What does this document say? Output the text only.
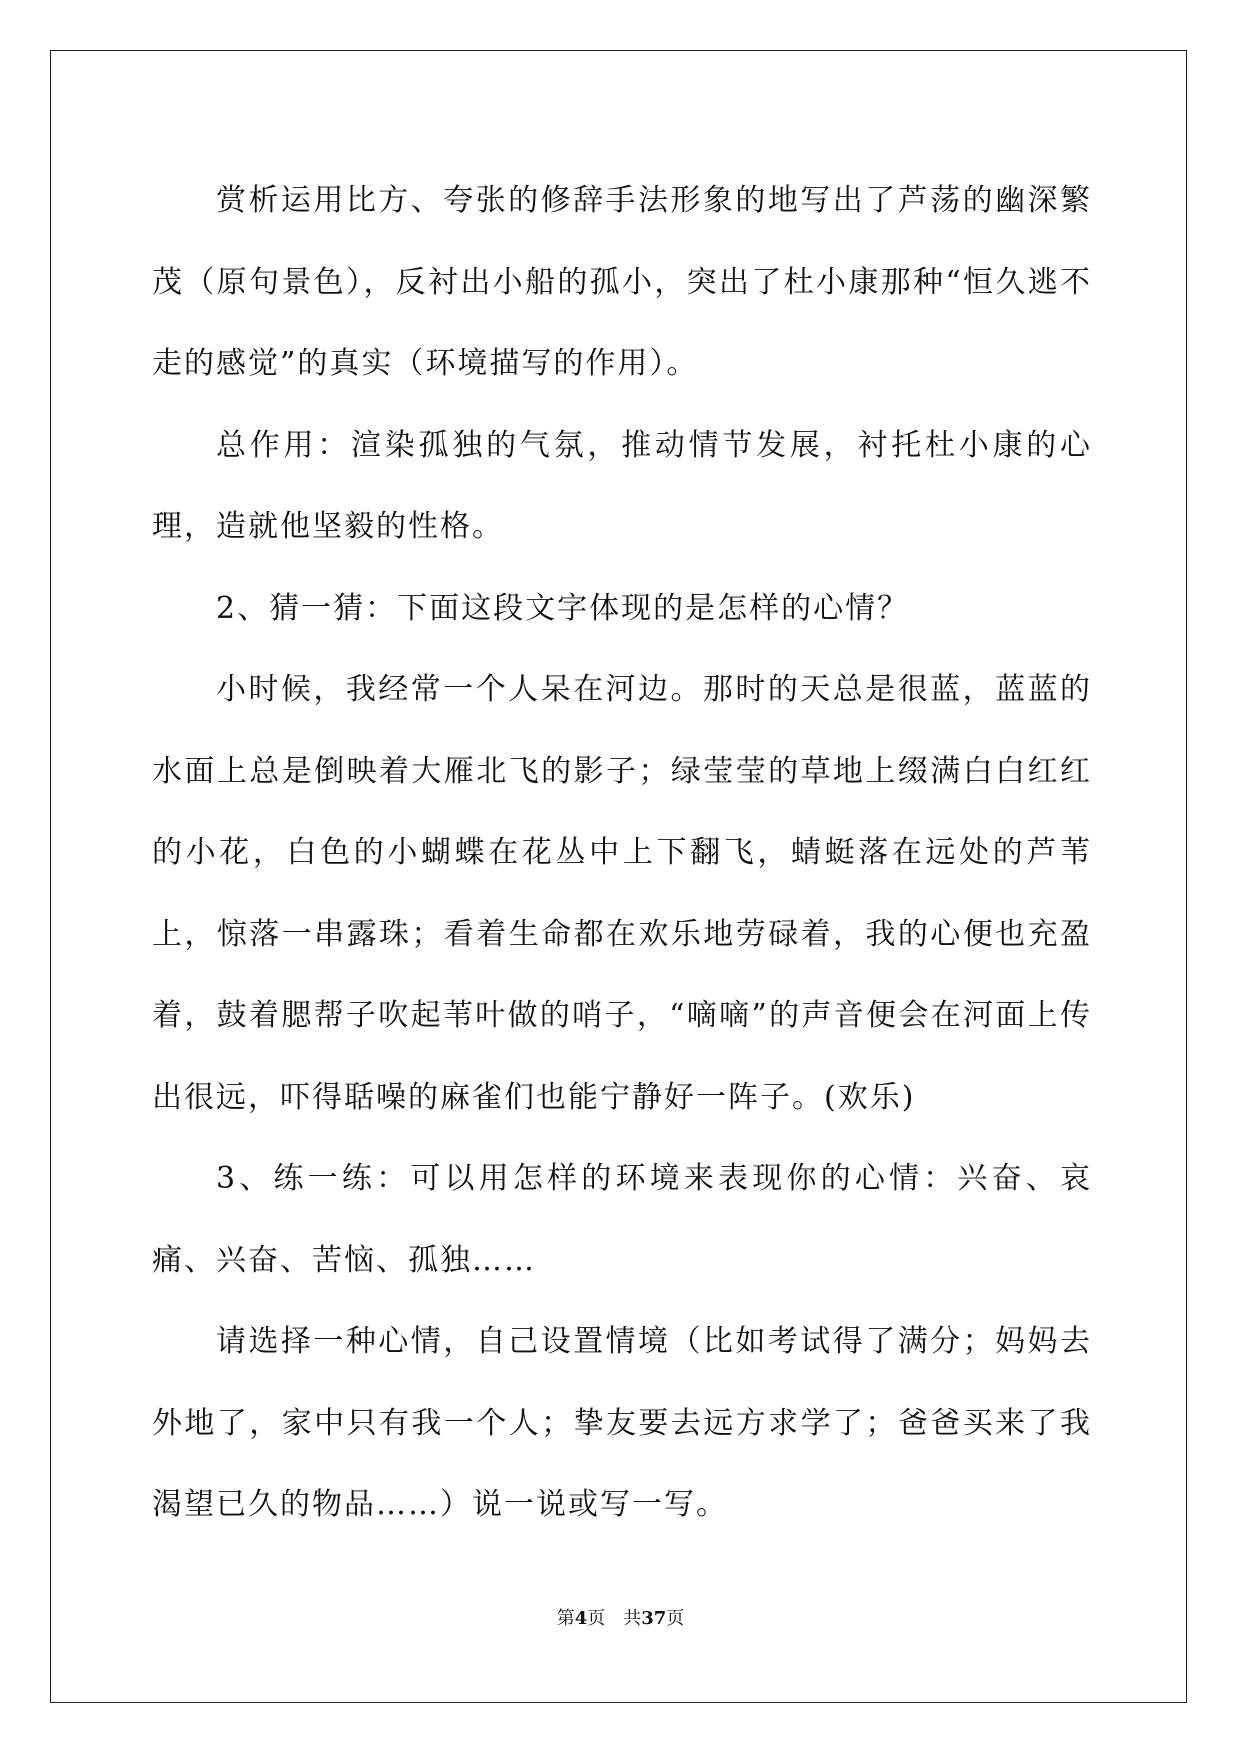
赏析运用比方、夸张的修辞手法形象的地写出了芦荡的幽深繁茂（原句景色），反衬出小船的孤小，突出了杜小康那种“恒久逃不走的感觉”的真实（环境描写的作用）。

总作用：渲染孤独的气氛，推动情节发展，衬托杜小康的心理，造就他坚毅的性格。

2、猜一猜：下面这段文字体现的是怎样的心情？

小时候，我经常一个人呆在河边。那时的天总是很蓝，蓝蓝的水面上总是倒映着大雁北飞的影子；绿莹莹的草地上缀满白白红红的小花，白色的小蝴蝶在花丛中上下翻飞，蜻蜓落在远处的芦苇上，惊落一串露珠；看着生命都在欢乐地劳碌着，我的心便也充盈着，鼓着腮帮子吹起苇叶做的哨子，“嘀嘀”的声音便会在河面上传出很远，吓得聒噪的麻雀们也能宁静好一阵子。(欢乐)

3、练一练：可以用怎样的环境来表现你的心情：兴奋、哀痛、兴奋、苦恼、孤独……

请选择一种心情，自己设置情境（比如考试得了满分；妈妈去外地了，家中只有我一个人；挚友要去远方求学了；爸爸买来了我渴望已久的物品……）说一说或写一写。

第4页 共37页
